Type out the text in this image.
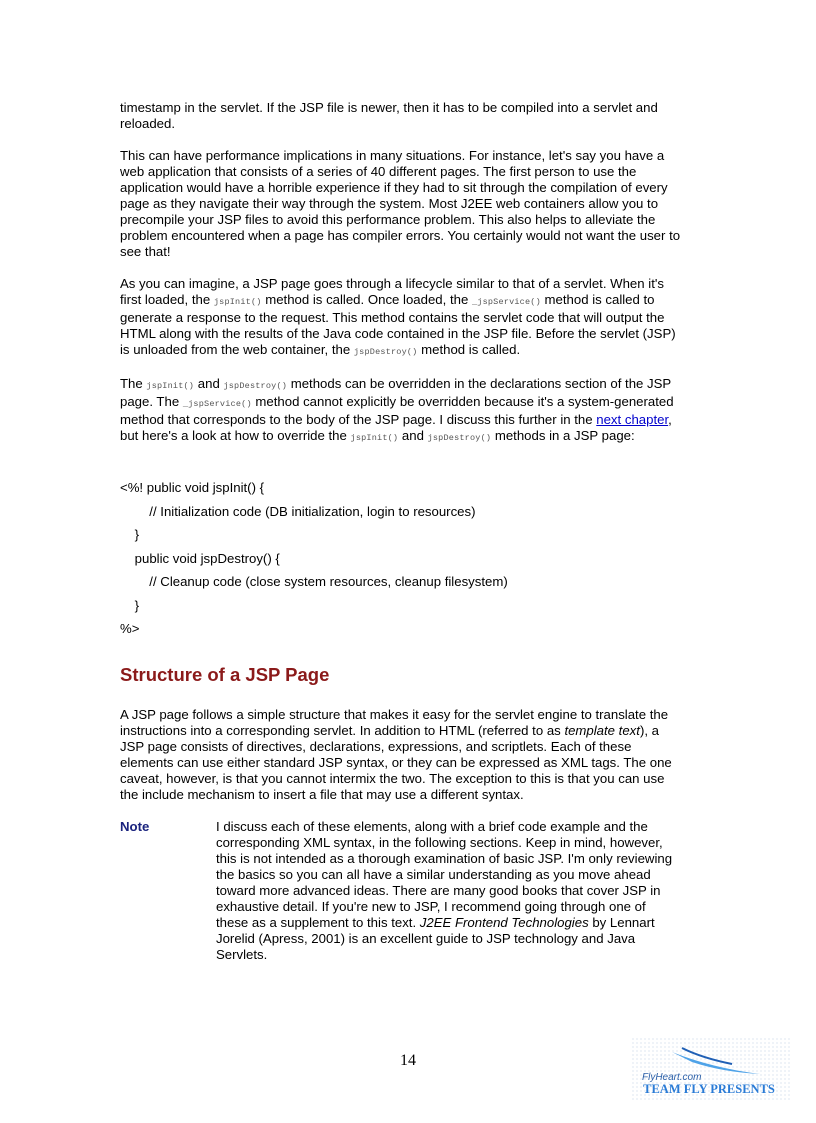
timestamp in the servlet. If the JSP file is newer, then it has to be compiled into a servlet and reloaded.

This can have performance implications in many situations. For instance, let's say you have a web application that consists of a series of 40 different pages. The first person to use the application would have a horrible experience if they had to sit through the compilation of every page as they navigate their way through the system. Most J2EE web containers allow you to precompile your JSP files to avoid this performance problem. This also helps to alleviate the problem encountered when a page has compiler errors. You certainly would not want the user to see that!

As you can imagine, a JSP page goes through a lifecycle similar to that of a servlet. When it's first loaded, the jspInit() method is called. Once loaded, the _jspService() method is called to generate a response to the request. This method contains the servlet code that will output the HTML along with the results of the Java code contained in the JSP file. Before the servlet (JSP) is unloaded from the web container, the jspDestroy() method is called.

The jspInit() and jspDestroy() methods can be overridden in the declarations section of the JSP page. The _jspService() method cannot explicitly be overridden because it's a system-generated method that corresponds to the body of the JSP page. I discuss this further in the next chapter, but here's a look at how to override the jspInit() and jspDestroy() methods in a JSP page:

<%! public void jspInit() {
// Initialization code (DB initialization, login to resources)
}
public void jspDestroy() {
// Cleanup code (close system resources, cleanup filesystem)
}
%>
Structure of a JSP Page

A JSP page follows a simple structure that makes it easy for the servlet engine to translate the instructions into a corresponding servlet. In addition to HTML (referred to as template text), a JSP page consists of directives, declarations, expressions, and scriptlets. Each of these elements can use either standard JSP syntax, or they can be expressed as XML tags. The one caveat, however, is that you cannot intermix the two. The exception to this is that you can use the include mechanism to insert a file that may use a different syntax.

Note	I discuss each of these elements, along with a brief code example and the corresponding XML syntax, in the following sections. Keep in mind, however, this is not intended as a thorough examination of basic JSP. I'm only reviewing the basics so you can all have a similar understanding as you move ahead toward more advanced ideas. There are many good books that cover JSP in exhaustive detail. If you're new to JSP, I recommend going through one of these as a supplement to this text. J2EE Frontend Technologies by Lennart Jorelid (Apress, 2001) is an excellent guide to JSP technology and Java Servlets.
14
FlyHeart.com
TEAM FLY PRESENTS
